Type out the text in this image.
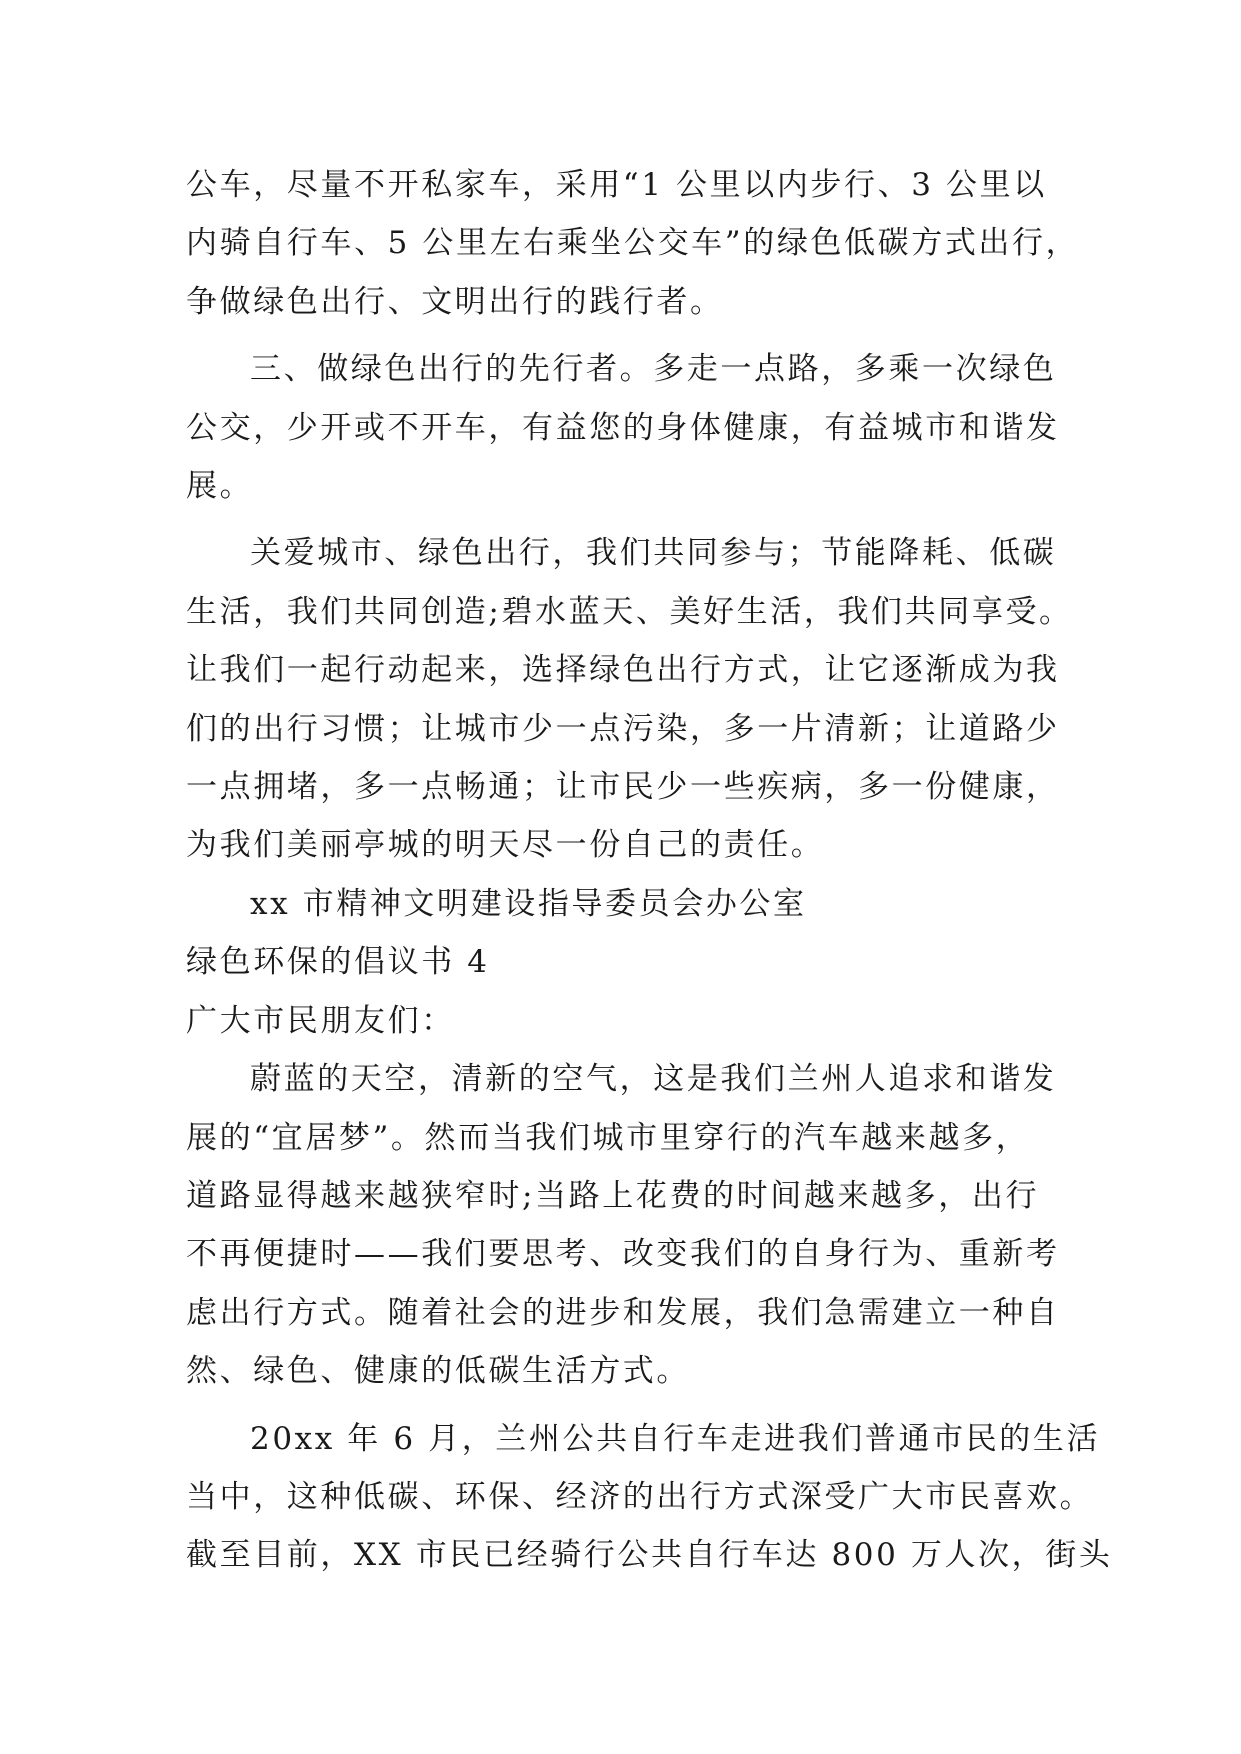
公车，尽量不开私家车，采用“1 公里以内步行、3 公里以

内骑自行车、5 公里左右乘坐公交车”的绿色低碳方式出行，

争做绿色出行、文明出行的践行者。

三、做绿色出行的先行者。多走一点路，多乘一次绿色

公交，少开或不开车，有益您的身体健康，有益城市和谐发

展。

关爱城市、绿色出行，我们共同参与；节能降耗、低碳

生活，我们共同创造;碧水蓝天、美好生活，我们共同享受。

让我们一起行动起来，选择绿色出行方式，让它逐渐成为我

们的出行习惯；让城市少一点污染，多一片清新；让道路少

一点拥堵，多一点畅通；让市民少一些疾病，多一份健康，

为我们美丽亭城的明天尽一份自己的责任。

xx 市精神文明建设指导委员会办公室

绿色环保的倡议书 4

广大市民朋友们：

蔚蓝的天空，清新的空气，这是我们兰州人追求和谐发

展的“宜居梦”。然而当我们城市里穿行的汽车越来越多，

道路显得越来越狭窄时;当路上花费的时间越来越多，出行

不再便捷时——我们要思考、改变我们的自身行为、重新考

虑出行方式。随着社会的进步和发展，我们急需建立一种自

然、绿色、健康的低碳生活方式。

20xx 年 6 月，兰州公共自行车走进我们普通市民的生活

当中，这种低碳、环保、经济的出行方式深受广大市民喜欢。

截至目前，XX 市民已经骑行公共自行车达 800 万人次，街头
